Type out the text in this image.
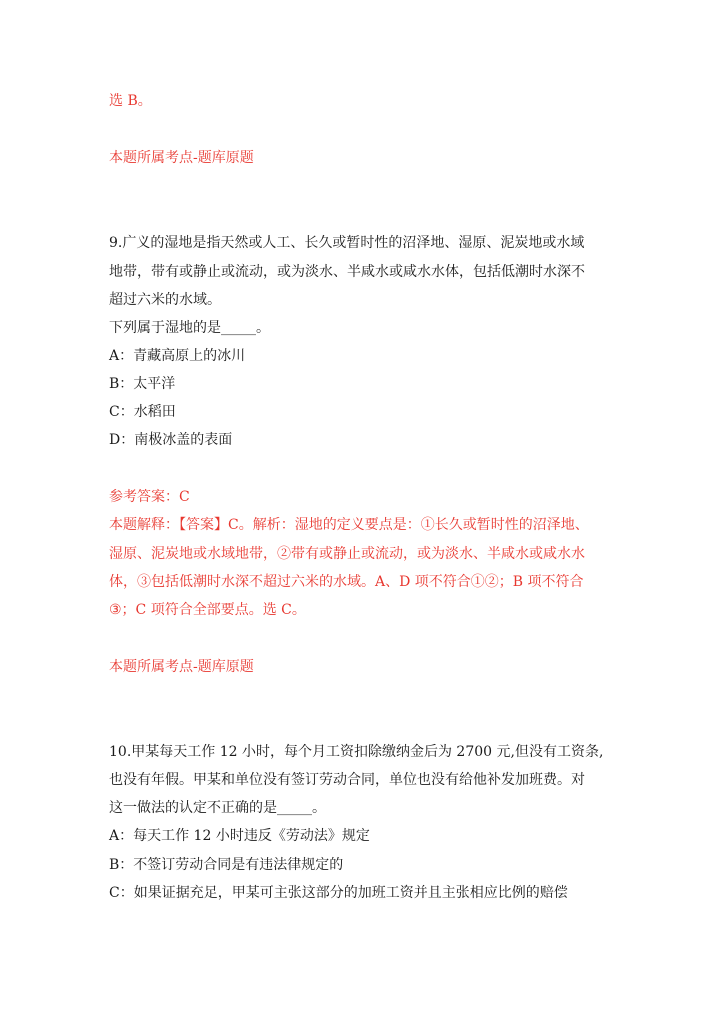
选 B。
本题所属考点-题库原题
9.广义的湿地是指天然或人工、长久或暂时性的沼泽地、湿原、泥炭地或水域
地带，带有或静止或流动，或为淡水、半咸水或咸水水体，包括低潮时水深不
超过六米的水域。
下列属于湿地的是_____。
A：青藏高原上的冰川
B：太平洋
C：水稻田
D：南极冰盖的表面
参考答案：C
本题解释：【答案】C。解析：湿地的定义要点是：①长久或暂时性的沼泽地、
湿原、泥炭地或水域地带，②带有或静止或流动，或为淡水、半咸水或咸水水
体，③包括低潮时水深不超过六米的水域。A、D 项不符合①②；B 项不符合
③；C 项符合全部要点。选 C。
本题所属考点-题库原题
10.甲某每天工作 12 小时，每个月工资扣除缴纳金后为 2700 元,但没有工资条,
也没有年假。甲某和单位没有签订劳动合同，单位也没有给他补发加班费。对
这一做法的认定不正确的是_____。
A：每天工作 12 小时违反《劳动法》规定
B：不签订劳动合同是有违法律规定的
C：如果证据充足，甲某可主张这部分的加班工资并且主张相应比例的赔偿
